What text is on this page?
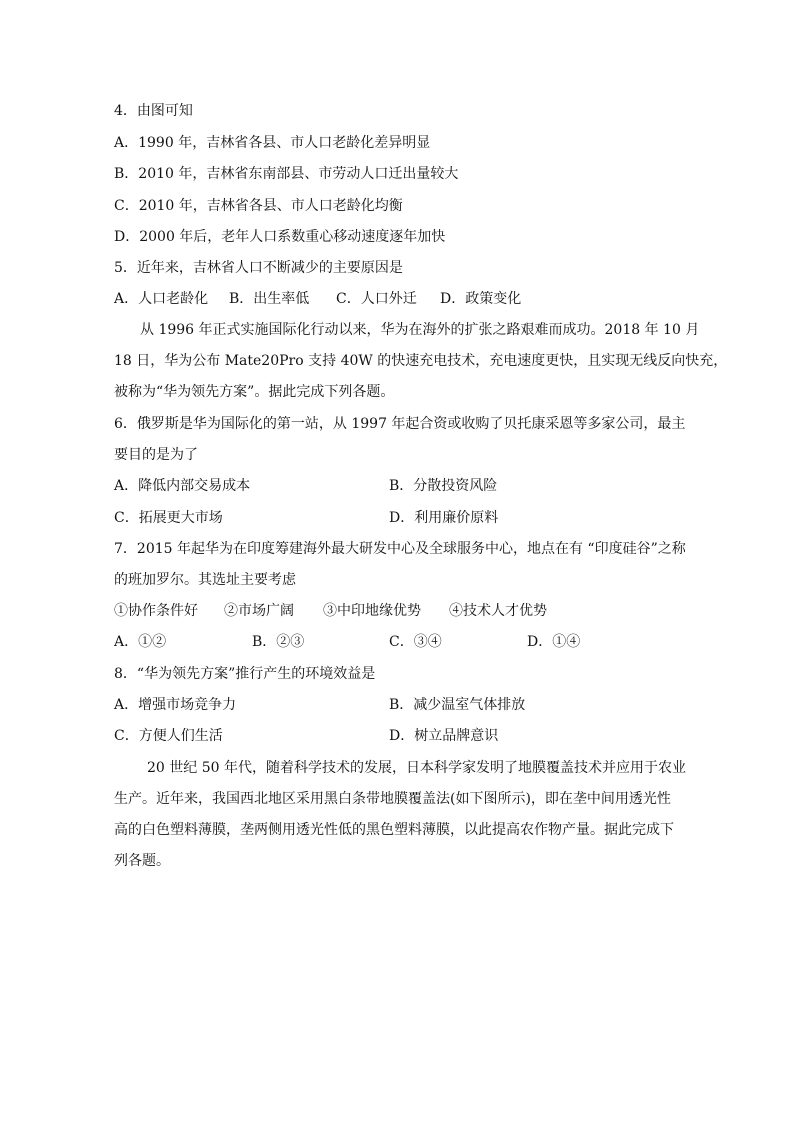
4．由图可知
A．1990 年，吉林省各县、市人口老龄化差异明显
B．2010 年，吉林省东南部县、市劳动人口迁出量较大
C．2010 年，吉林省各县、市人口老龄化均衡
D．2000 年后，老年人口系数重心移动速度逐年加快
5．近年来，吉林省人口不断减少的主要原因是
A．人口老龄化 B．出生率低 C．人口外迁 D．政策变化
从 1996 年正式实施国际化行动以来，华为在海外的扩张之路艰难而成功。2018 年 10 月
18 日，华为公布 Mate20Pro 支持 40W 的快速充电技术，充电速度更快，且实现无线反向快充，
被称为“华为领先方案”。据此完成下列各题。
6．俄罗斯是华为国际化的第一站，从 1997 年起合资或收购了贝托康采恩等多家公司，最主
要目的是为了
A．降低内部交易成本	B．分散投资风险
C．拓展更大市场	D．利用廉价原料
7．2015 年起华为在印度筹建海外最大研发中心及全球服务中心，地点在有 “印度硅谷”之称
的班加罗尔。其选址主要考虑
①协作条件好 ②市场广阔 ③中印地缘优势 ④技术人才优势
A．①②	B．②③	C．③④	D．①④
8．“华为领先方案”推行产生的环境效益是
A．增强市场竞争力	B．减少温室气体排放
C．方便人们生活	D．树立品牌意识
20 世纪 50 年代，随着科学技术的发展，日本科学家发明了地膜覆盖技术并应用于农业
生产。近年来，我国西北地区采用黑白条带地膜覆盖法(如下图所示)，即在垄中间用透光性
高的白色塑料薄膜，垄两侧用透光性低的黑色塑料薄膜，以此提高农作物产量。据此完成下
列各题。
